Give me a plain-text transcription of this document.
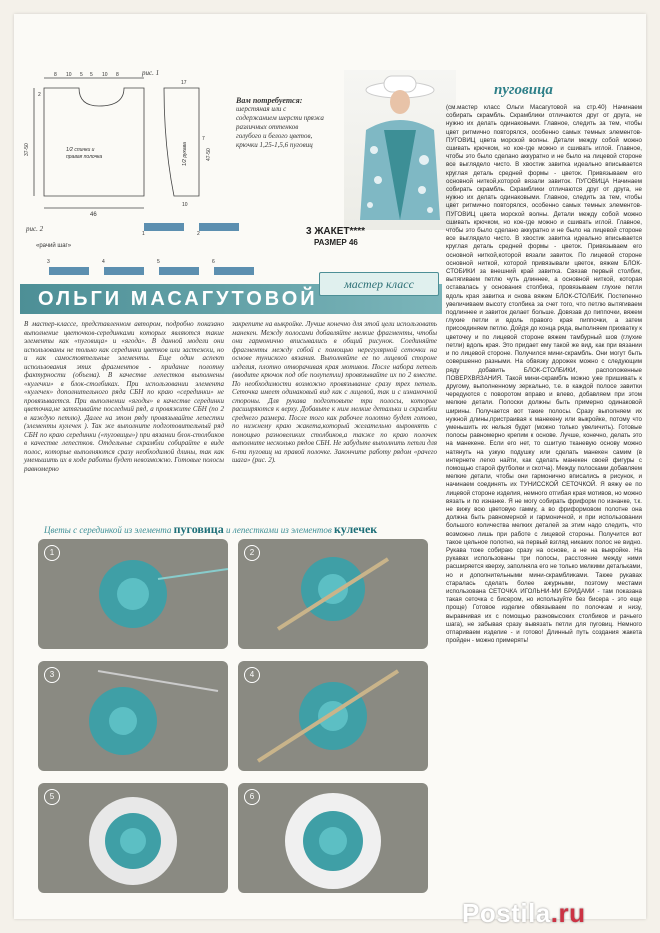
рис. 1
8 10 5 5 10 8
37-50
2
1/2 спинки и
правая полочка
46
17
1/2 рукава	47-50
7
10
Вам потребуется:
шерстяная или с содержанием шерсти пряжа различных оттенков голубого и белого цветов, крючки 1,25-1,5,6 пуговиц
3 ЖАКЕТ****
РАЗМЕР 46
рис. 2
«рачий шаг»
1	2
3	4	5	6
ОЛЬГИ МАСАГУТОВОЙ
мастер класс
В мастер-классе, представленном автором, подробно показано выполнение цветочков-серединками которых являются такие элементы как «пуговица» и «ягода». В данной модели они использованы не только как серединки цветков или застежки, но и как самостоятельные элементы. Еще один аспект использования этих фрагментов - придание полотну фактурности (объема). В качестве лепестков выполнены «кулечки» в блок-столбиках. При использовании элемента «кулечек» дополнительного ряда СБН по краю «серединки» не провязывается. При выполнении «ягоды» в качестве серединки цветочка,не затягивайте последний ряд, а провяжите СБН (по 2 в каждую петлю). Далее на этом ряду провязывайте лепестки (элементы кулечек ). Так же выполните подготовительный ряд СБН по краю серединки («пуговицы») при вязании блок-столбиков в качестве лепестков. Отдельные скрамбли собирайте в виде полос, которые выполняются сразу необходимой длины, так как уменьшить их в ходе работы будет невозможно. Готовые полосы равномерно
закрепите на выкройке. Лучше конечно для этой цели использовать манекен. Между полосами добавляйте мелкие фрагменты, чтобы они гармонично вписывались в общий рисунок. Соединяйте фрагменты между собой с помощью нерегулярной сеточки на основе туниского вязания. Выполняйте ее по лицевой стороне изделия, плотно отворачивая края мотивов. После набора петель (вводите крючок под обе полупетли) провязывайте их по 2 вместе. По необходимости возможно провязывание сразу трех петель. Сеточка имеет одинаковый вид как с лицевой, так и с изнаночной стороны. Для рукава подготовьте три полосы, которые расширяются к верху. Добавьте к ним мелкие детальки и скрамбли среднего размера. После того как рабочее полотно будет готово, по нижнему краю жакета,который желательно выровнять с помощью разновеликих столбиков,а также по краю полочек выполните несколько рядов СБН. Не забудьте выполнить петли для 6-ти пуговиц на правой полочке. Закончите работу рядом «рачего шага» (рис. 2).
Цветы с серединкой из элемента пуговица и лепестками из элементов кулечек
1	2
3	4
5	6
пуговица
(см.мастер класс Ольги Масагутовой на стр.40) Начинаем собирать скрамбль. Скрамблики отличаются друг от друга, не нужно их делать одинаковыми. Главное, следить за тем, чтобы цвет ритмично повторялся, особенно самых темных элементов-ПУГОВИЦ цвета морской волны. Детали между собой можно сшивать крючком, но кое-где можно и сшивать иглой. Главное, чтобы это было сделано аккуратно и не было на лицевой стороне все выглядело чисто. В хвостик завитка идеально вписывается круглая деталь средней формы - цветок. Привязываем его основной ниткой,которой вязали завиток. ПУГОВИЦА Начинаем собирать скрамбль. Скрамблики отличаются друг от друга, не нужно их делать одинаковыми. Главное, следить за тем, чтобы цвет ритмично повторялся, особенно самых темных элементов-ПУГОВИЦ цвета морской волны. Детали между собой можно сшивать крючком, но кое-где можно и сшивать иглой. Главное, чтобы это было сделано аккуратно и не было на лицевой стороне все выглядело чисто. В хвостик завитка идеально вписывается круглая деталь средней формы - цветок. Привязываем его основной ниткой,которой вязали завиток. По лицевой стороне основной ниткой, которой привязывали цветок, вяжем БЛОК-СТОБИКИ за внешний край завитка. Связав первый столбик, вытягиваем петлю чуть длиннее, а основной ниткой, которая оставалась у основания столбика, провязываем глухие петли вдоль края завитка и снова вяжем БЛОК-СТОЛБИК. Постепенно увеличиваем высоту столбика за счет того, что петлю вытягиваем подлиннее и завиток делает больше. Довязав до пиппочки, вяжем глухие петли и вдоль правого края пиппочки, а затем присоединяем петлю. Дойдя до конца ряда, выполняем прихватку к цветочку и по лицевой стороне вяжем тамбурный шов (глухие петли) вдоль края. Это придает ему такой же вид, как при вязании и по лицевой стороне. Получился мини-скрамбль. Они могут быть совершенно разными. На обвязку дорожек можно с следующим ряду добавить БЛОК-СТОЛБИКИ, расположенные ПОВЕРХВЯЗАНИЯ. Такой мини-скрамбль можно уже пришивать к другому, выполненному зеркально, т.е. в каждой полосе завитки чередуются с поворотом вправо и влево, добавляем при этом мелкие детали. Полоски должны быть примерно одинаковой ширины. Получается вот такие полосы. Сразу выполняем их нужной длины,пристраивая к манекену или выкройке, потому что уменьшить их нельзя будет (можно только увеличить). Готовые полосы равномерно крепим к основе. Лучше, конечно, делать это на манекене. Если его нет, то сшитую тканевую основу можно натянуть на узкую подушку или сделать манекен самим (в интернете легко найти, как сделать манекен своей фигуры с помощью старой футболки и скотча). Между полосками добавляем мелкие детали, чтобы они гармонично вписались в рисунок, и начинаем соединять их ТУНИССКОЙ СЕТОЧКОЙ. Я вяжу ее по лицевой стороне изделия, немного отгибая края мотивов, но можно вязать и по изнанке. Я не могу собирать фриформ по изнанке, т.к. не вижу всю цветовую гамму, а во фриформовом полотне она должна быть равномерной и гармоничной, и при использовании большого количества мелких деталей за этим надо следить, что возможно лишь при работе с лицевой стороны. Получится вот такое цельное полотно, на первый взгляд никаких полос не видно. Рукава тоже собираю сразу на основе, а не на выкройке. На рукавах использованы три полосы, расстояние между ними расширяется кверху, заполняла его не только мелкими детальками, но и дополнительными мини-скрамбликами. Также рукавах старалась сделать более ажурными, поэтому местами использована СЕТОЧКА ИГОЛЬНИ-МИ БРИДАМИ - там показана такая сеточка с бисером, но используйте без бисера - это еще проще) Готовое изделие обвязываем по полочкам и низу, выравнивая их с помощью разновысоких столбиков и рачьего шага), не забывая сразу вывязать петли для пуговиц. Немного отпариваем изделие - и готово! Длинный путь создания жакета пройден - можно примерять!
Postila.ru
